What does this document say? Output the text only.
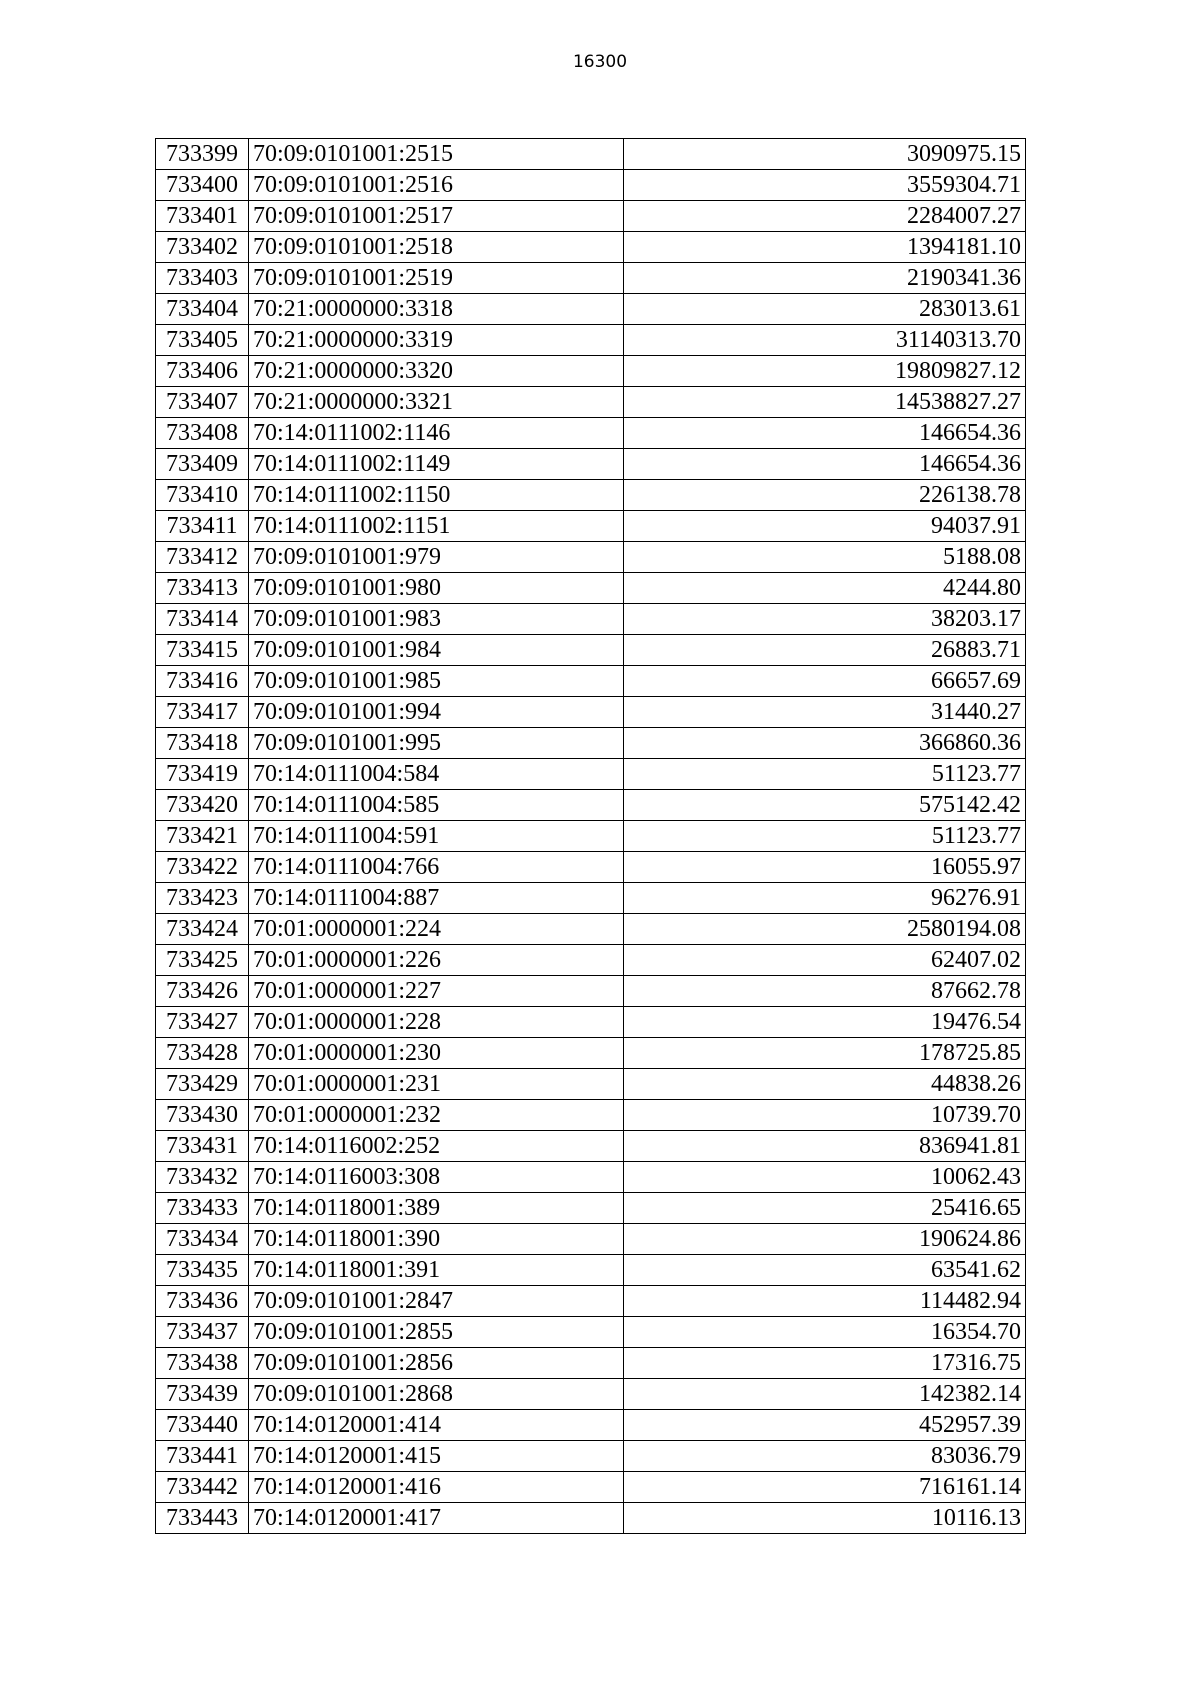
16300
733399	70:09:0101001:2515	3090975.15
733400	70:09:0101001:2516	3559304.71
733401	70:09:0101001:2517	2284007.27
733402	70:09:0101001:2518	1394181.10
733403	70:09:0101001:2519	2190341.36
733404	70:21:0000000:3318	283013.61
733405	70:21:0000000:3319	31140313.70
733406	70:21:0000000:3320	19809827.12
733407	70:21:0000000:3321	14538827.27
733408	70:14:0111002:1146	146654.36
733409	70:14:0111002:1149	146654.36
733410	70:14:0111002:1150	226138.78
733411	70:14:0111002:1151	94037.91
733412	70:09:0101001:979	5188.08
733413	70:09:0101001:980	4244.80
733414	70:09:0101001:983	38203.17
733415	70:09:0101001:984	26883.71
733416	70:09:0101001:985	66657.69
733417	70:09:0101001:994	31440.27
733418	70:09:0101001:995	366860.36
733419	70:14:0111004:584	51123.77
733420	70:14:0111004:585	575142.42
733421	70:14:0111004:591	51123.77
733422	70:14:0111004:766	16055.97
733423	70:14:0111004:887	96276.91
733424	70:01:0000001:224	2580194.08
733425	70:01:0000001:226	62407.02
733426	70:01:0000001:227	87662.78
733427	70:01:0000001:228	19476.54
733428	70:01:0000001:230	178725.85
733429	70:01:0000001:231	44838.26
733430	70:01:0000001:232	10739.70
733431	70:14:0116002:252	836941.81
733432	70:14:0116003:308	10062.43
733433	70:14:0118001:389	25416.65
733434	70:14:0118001:390	190624.86
733435	70:14:0118001:391	63541.62
733436	70:09:0101001:2847	114482.94
733437	70:09:0101001:2855	16354.70
733438	70:09:0101001:2856	17316.75
733439	70:09:0101001:2868	142382.14
733440	70:14:0120001:414	452957.39
733441	70:14:0120001:415	83036.79
733442	70:14:0120001:416	716161.14
733443	70:14:0120001:417	10116.13
